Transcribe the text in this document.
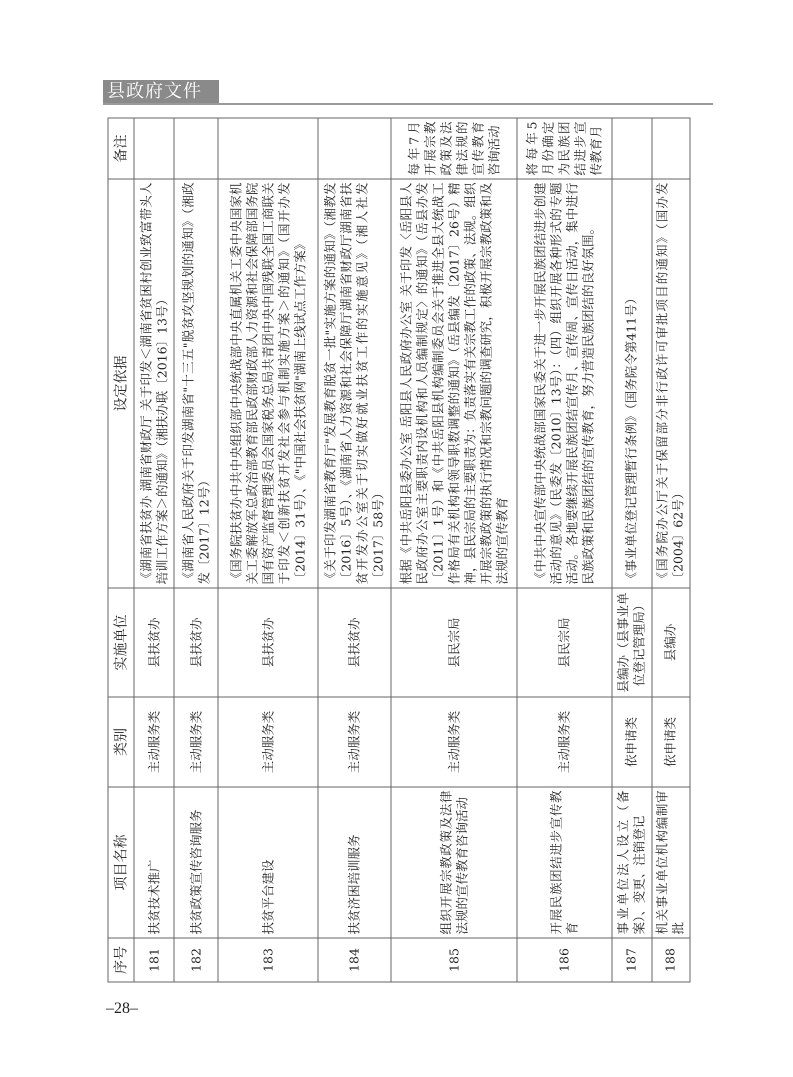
县政府文件
序号	项目名称	类别	实施单位	设定依据	备注
181	扶贫技术推广	主动服务类	县扶贫办	《湖南省扶贫办 湖南省财政厅 关于印发＜湖南省贫困村创业致富带头人培训工作方案＞的通知》（湘扶办联〔2016〕13号）	
182	扶贫政策宣传咨询服务	主动服务类	县扶贫办	《湖南省人民政府关于印发湖南省"十三五"脱贫攻坚规划的通知》（湘政发〔2017〕12号）	
183	扶贫平台建设	主动服务类	县扶贫办	《国务院扶贫办中共中央组织部中央统战部中央直属机关工委中央国家机关工委解放军总政治部教育部民政部财政部人力资源和社会保障部国务院国有资产监督管理委员会国家税务总局共青团中央中国残联全国工商联关于印发＜创新扶贫开发社会参与机制实施方案＞的通知》（国开办发〔2014〕31号）、《"中国社会扶贫网"湖南上线试点工作方案》	
184	扶贫济困培训服务	主动服务类	县扶贫办	《关于印发湖南省教育厅"发展教育脱贫一批"实施方案的通知》（湘教发〔2016〕5号）、《湖南省人力资源和社会保障厅湖南省财政厅湖南省扶贫开发办公室关于切实做好就业扶贫工作的实施意见》（湘人社发〔2017〕58号）	
185	组织开展宗教政策及法律法规的宣传教育咨询活动	主动服务类	县民宗局	根据《中共岳阳县委办公室 岳阳县人民政府办公室 关于印发〈岳阳县人民政府办公室主要职责内设机构和人员编制规定〉的通知》（岳县办发〔2011〕1号）和《中共岳阳县机构编制委员会关于推进全县大统战工作格局有关机构和领导职数调整的通知》（岳县编发〔2017〕26号）精神，县民宗局的主要职责为：负责落实有关宗教工作的政策、法规。组织开展宗教政策的执行情况和宗教问题的调查研究，积极开展宗教政策和及法规的宣传教育	每年7月开展宗教政策及法律法规的宣传教育咨询活动
186	开展民族团结进步宣传教育	主动服务类	县民宗局	《中共中央宣传部中央统战部国家民委关于进一步开展民族团结进步创建活动的意见》（民委发〔2010〕13号）：（四）组织开展各种形式的专题活动。各地要继续开展民族团结宣传月、宣传周、宣传日活动，集中进行民族政策和民族团结的宣传教育，努力营造民族团结的良好氛围。	将每年5月份确定为民族团结进步宣传教育月
187	事业单位法人设立（备案）、变更、注销登记	依申请类	县编办（县事业单位登记管理局）	《事业单位登记管理暂行条例》（国务院令第411号）	
188	机关事业单位机构编制审批	依申请类	县编办	《国务院办公厅关于保留部分非行政许可审批项目的通知》（国办发〔2004〕62号）	
–28–
